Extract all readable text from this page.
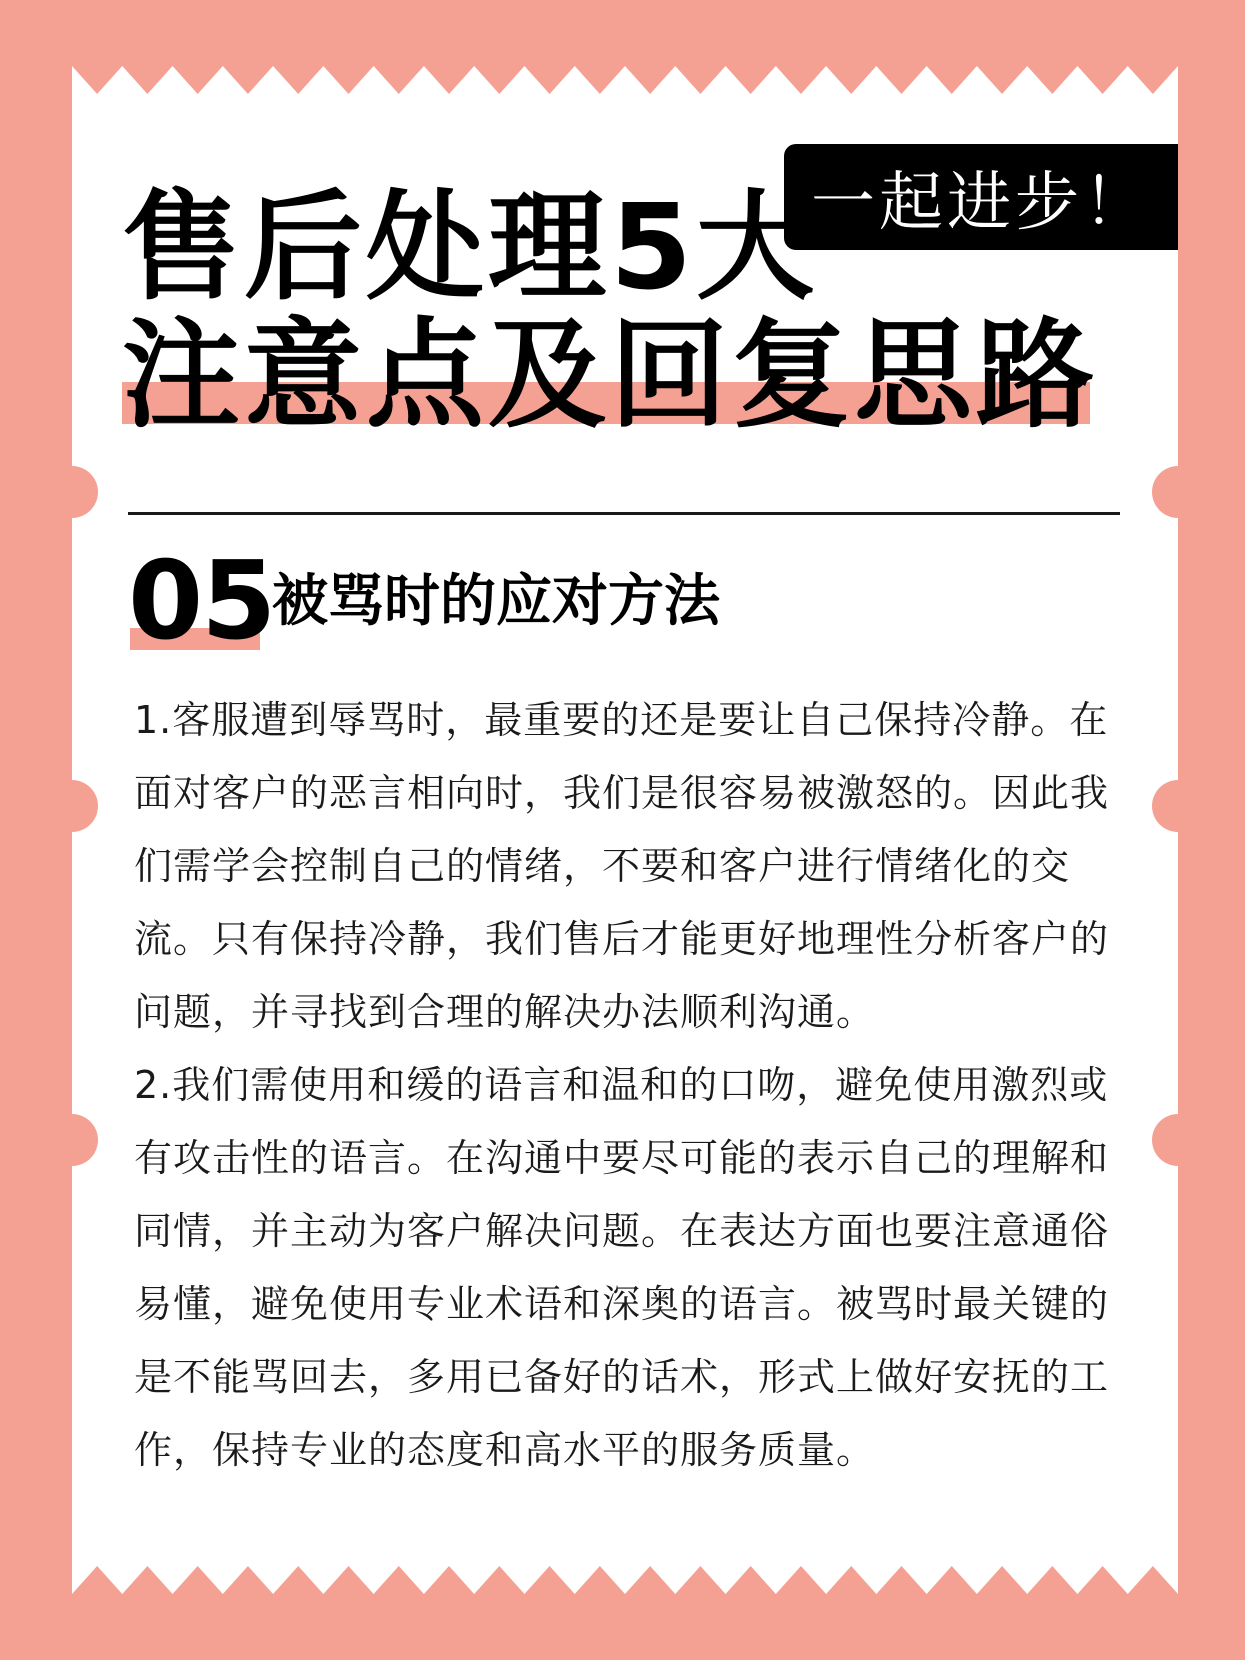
一起进步！
售后处理5大
注意点及回复思路
05
被骂时的应对方法

1.客服遭到辱骂时，最重要的还是要让自己保持冷静。在面对客户的恶言相向时，我们是很容易被激怒的。因此我们需学会控制自己的情绪，不要和客户进行情绪化的交流。只有保持冷静，我们售后才能更好地理性分析客户的问题，并寻找到合理的解决办法顺利沟通。

2.我们需使用和缓的语言和温和的口吻，避免使用激烈或有攻击性的语言。在沟通中要尽可能的表示自己的理解和同情，并主动为客户解决问题。在表达方面也要注意通俗易懂，避免使用专业术语和深奥的语言。被骂时最关键的是不能骂回去，多用已备好的话术，形式上做好安抚的工作，保持专业的态度和高水平的服务质量。
